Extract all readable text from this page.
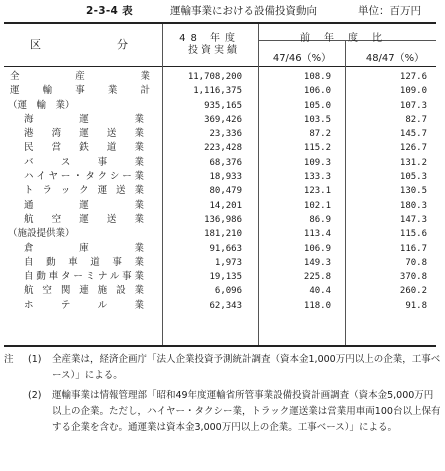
2-3-4 表	運輸事業における設備投資動向	単位：百万円
区	分	48 年度
投資実績
前年度比
47/46（%）	48/47（%）
全　産　業	11,708,200	108.9	127.6
運輸事業計	1,116,375	106.0	109.0
（運　輸　業）	935,165	105.0	107.3
海　運　業	369,426	103.5	82.7
港湾運送業	23,336	87.2	145.7
民営鉄道業	223,428	115.2	126.7
バ　ス　事　業	68,376	109.3	131.2
ハイヤー・タクシー業	18,933	133.3	105.3
トラック運送業	80,479	123.1	130.5
通　運　業	14,201	102.1	180.3
航空運送業	136,986	86.9	147.3
（施設提供業）	181,210	113.4	115.6
倉　庫　業	91,663	106.9	116.7
自動車道事業	1,973	149.3	70.8
自動車ターミナル事業	19,135	225.8	370.8
航空関連施設業	6,096	40.4	260.2
ホ　テ　ル　業	62,343	118.0	91.8
注 (1) 全産業は，経済企画庁「法人企業投資予測統計調査（資本金1,000万円以上の企業，工事ベース）」による。
(2) 運輸事業は情報管理部「昭和49年度運輸省所管事業設備投資計画調査（資本金5,000万円以上の企業。ただし，ハイヤー・タクシー業，トラック運送業は営業用車両100台以上保有する企業を含む。通運業は資本金3,000万円以上の企業。工事ベース）」による。
